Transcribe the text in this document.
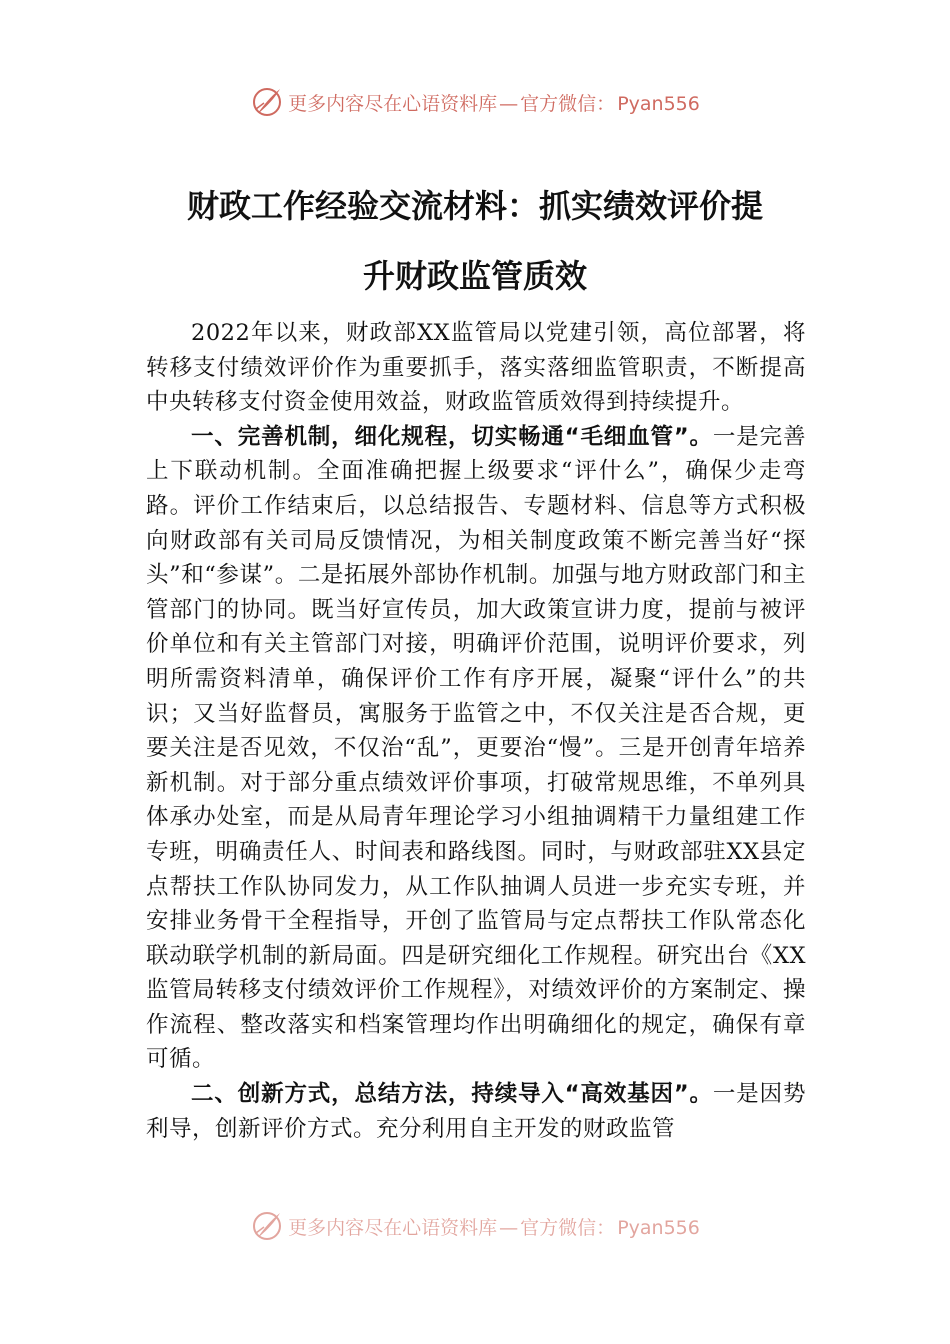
更多内容尽在心语资料库 — 官方微信： Pyan556
财政工作经验交流材料：抓实绩效评价提
升财政监管质效

2022年以来，财政部XX监管局以党建引领，高位部署，将转移支付绩效评价作为重要抓手，落实落细监管职责，不断提高中央转移支付资金使用效益，财政监管质效得到持续提升。

一、完善机制，细化规程，切实畅通“毛细血管”。一是完善上下联动机制。全面准确把握上级要求“评什么”，确保少走弯路。评价工作结束后，以总结报告、专题材料、信息等方式积极向财政部有关司局反馈情况，为相关制度政策不断完善当好“探头”和“参谋”。二是拓展外部协作机制。加强与地方财政部门和主管部门的协同。既当好宣传员，加大政策宣讲力度，提前与被评价单位和有关主管部门对接，明确评价范围，说明评价要求，列明所需资料清单，确保评价工作有序开展，凝聚“评什么”的共识；又当好监督员，寓服务于监管之中，不仅关注是否合规，更要关注是否见效，不仅治“乱”，更要治“慢”。三是开创青年培养新机制。对于部分重点绩效评价事项，打破常规思维，不单列具体承办处室，而是从局青年理论学习小组抽调精干力量组建工作专班，明确责任人、时间表和路线图。同时，与财政部驻XX县定点帮扶工作队协同发力，从工作队抽调人员进一步充实专班，并安排业务骨干全程指导，开创了监管局与定点帮扶工作队常态化联动联学机制的新局面。四是研究细化工作规程。研究出台《XX监管局转移支付绩效评价工作规程》，对绩效评价的方案制定、操作流程、整改落实和档案管理均作出明确细化的规定，确保有章可循。

二、创新方式，总结方法，持续导入“高效基因”。一是因势利导，创新评价方式。充分利用自主开发的财政监管

更多内容尽在心语资料库 — 官方微信： Pyan556
